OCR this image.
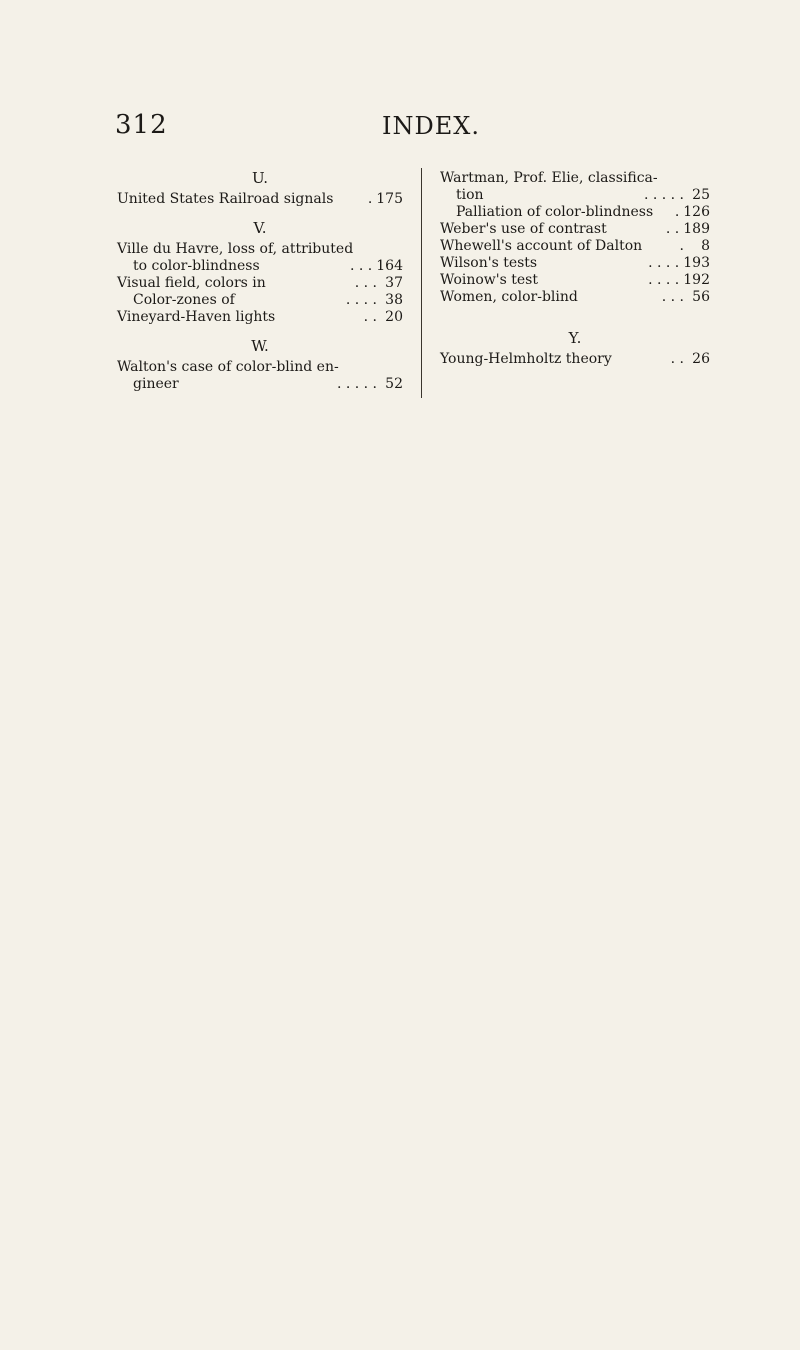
312	INDEX.
U.
United States Railroad signals	. 175
V.
Ville du Havre, loss of, attributed
to color-blindness	. . . 164
Visual field, colors in	. . . 37
Color-zones of	. . . . 38
Vineyard-Haven lights	. . 20
W.
Walton's case of color-blind en-
gineer	. . . . . 52
Wartman, Prof. Elie, classifica-
tion	. . . . . 25
Palliation of color-blindness	. 126
Weber's use of contrast	. . 189
Whewell's account of Dalton	.	8
Wilson's tests	. . . . 193
Woinow's test	. . . . 192
Women, color-blind	. . . 56
Y.
Young-Helmholtz theory	. . 26
